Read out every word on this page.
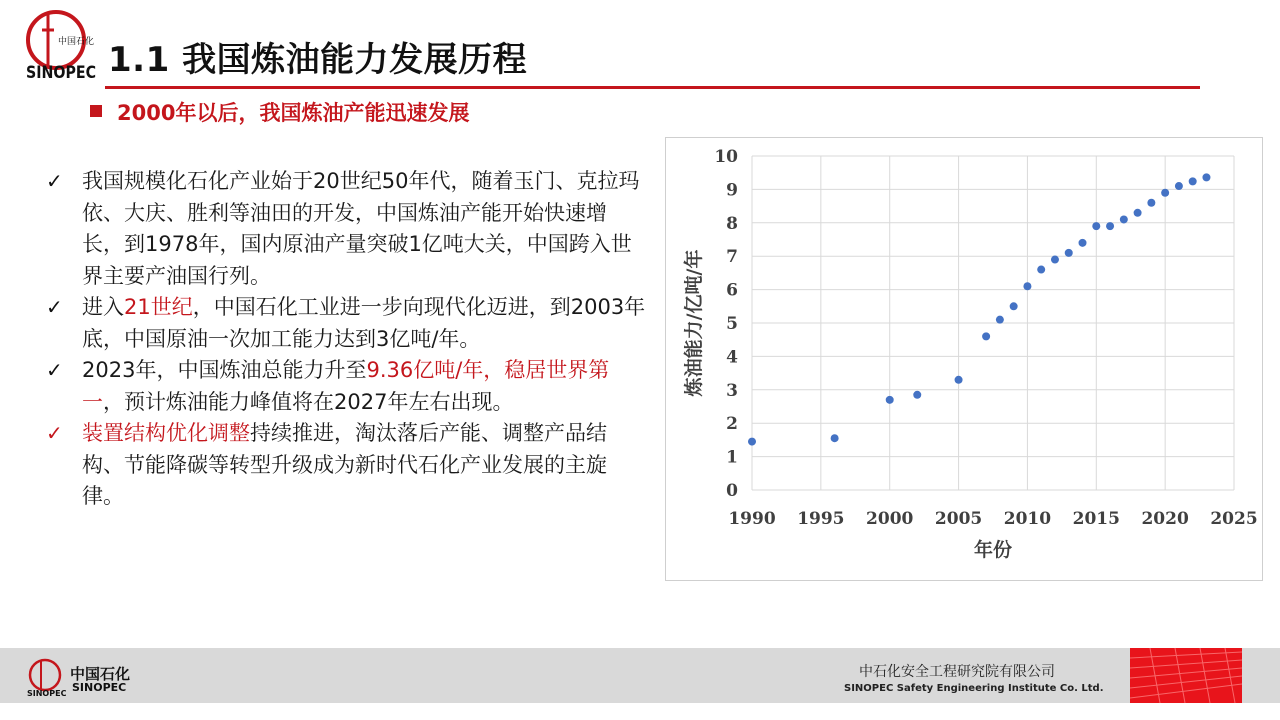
中国石化
SINOPEC 1.1 我国炼油能力发展历程
2000年以后，我国炼油产能迅速发展
✓ 我国规模化石化产业始于20世纪50年代，随着玉门、克拉玛依、大庆、胜利等油田的开发，中国炼油产能开始快速增长，到1978年，国内原油产量突破1亿吨大关，中国跨入世界主要产油国行列。
✓ 进入21世纪，中国石化工业进一步向现代化迈进，到2003年底，中国原油一次加工能力达到3亿吨/年。
✓ 2023年，中国炼油总能力升至9.36亿吨/年，稳居世界第一，预计炼油能力峰值将在2027年左右出现。
✓ 装置结构优化调整持续推进，淘汰落后产能、调整产品结构、节能降碳等转型升级成为新时代石化产业发展的主旋律。	0
1
2
3
4
5
6
7
8
9
10
1990 1995 2000 2005 2010 2015 2020 2025
年份
炼油能力/亿吨/年
SINOPEC
中国石化
SINOPEC
中石化安全工程研究院有限公司
SINOPEC Safety Engineering Institute Co. Ltd.
